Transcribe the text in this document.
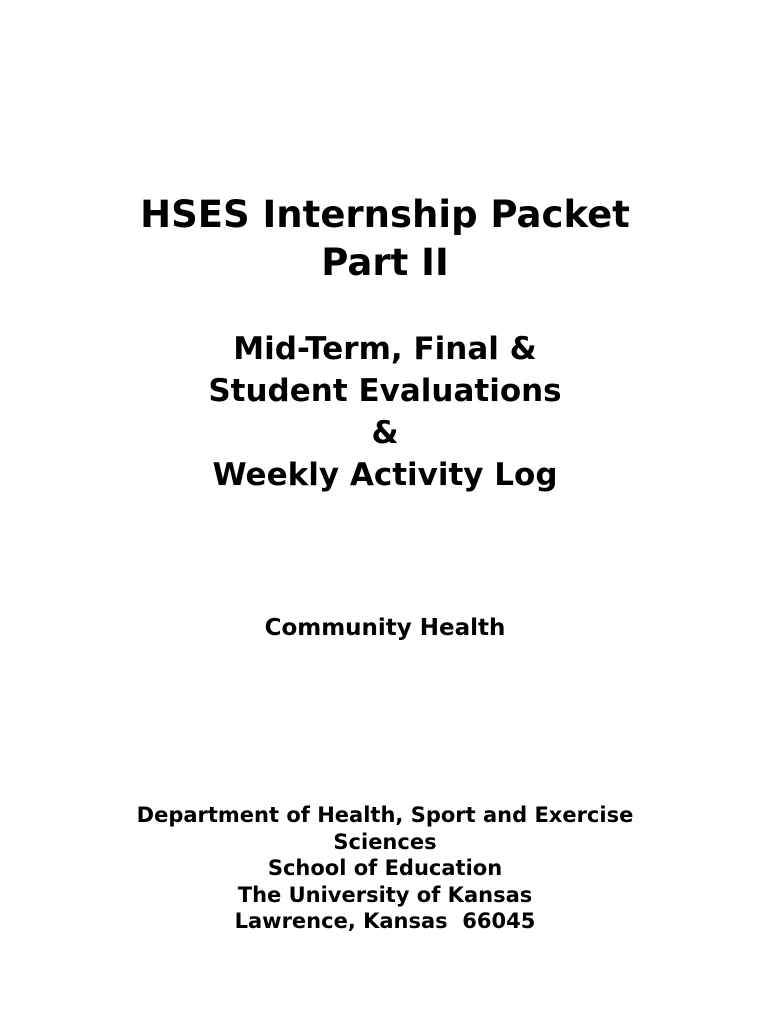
HSES Internship Packet
Part II
Mid-Term, Final &
Student Evaluations
&
Weekly Activity Log
Community Health
Department of Health, Sport and Exercise
Sciences
School of Education
The University of Kansas
Lawrence, Kansas  66045
